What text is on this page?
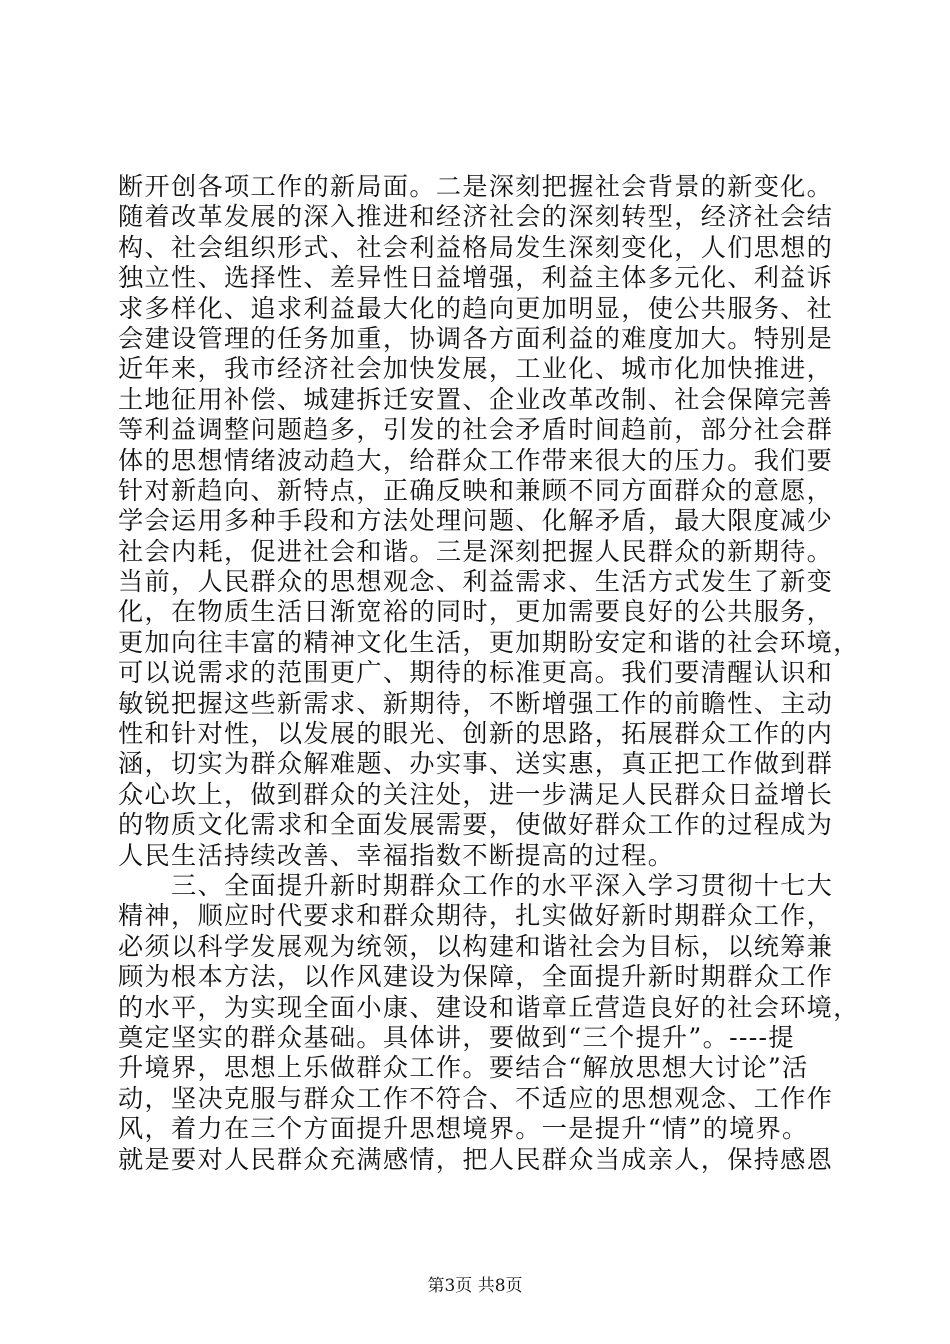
断开创各项工作的新局面。二是深刻把握社会背景的新变化。
随着改革发展的深入推进和经济社会的深刻转型，经济社会结
构、社会组织形式、社会利益格局发生深刻变化，人们思想的
独立性、选择性、差异性日益增强，利益主体多元化、利益诉
求多样化、追求利益最大化的趋向更加明显，使公共服务、社
会建设管理的任务加重，协调各方面利益的难度加大。特别是
近年来，我市经济社会加快发展，工业化、城市化加快推进，
土地征用补偿、城建拆迁安置、企业改革改制、社会保障完善
等利益调整问题趋多，引发的社会矛盾时间趋前，部分社会群
体的思想情绪波动趋大，给群众工作带来很大的压力。我们要
针对新趋向、新特点，正确反映和兼顾不同方面群众的意愿，
学会运用多种手段和方法处理问题、化解矛盾，最大限度减少
社会内耗，促进社会和谐。三是深刻把握人民群众的新期待。
当前，人民群众的思想观念、利益需求、生活方式发生了新变
化，在物质生活日渐宽裕的同时，更加需要良好的公共服务，
更加向往丰富的精神文化生活，更加期盼安定和谐的社会环境，
可以说需求的范围更广、期待的标准更高。我们要清醒认识和
敏锐把握这些新需求、新期待，不断增强工作的前瞻性、主动
性和针对性，以发展的眼光、创新的思路，拓展群众工作的内
涵，切实为群众解难题、办实事、送实惠，真正把工作做到群
众心坎上，做到群众的关注处，进一步满足人民群众日益增长
的物质文化需求和全面发展需要，使做好群众工作的过程成为
人民生活持续改善、幸福指数不断提高的过程。
　　三、全面提升新时期群众工作的水平深入学习贯彻十七大
精神，顺应时代要求和群众期待，扎实做好新时期群众工作，
必须以科学发展观为统领，以构建和谐社会为目标，以统筹兼
顾为根本方法，以作风建设为保障，全面提升新时期群众工作
的水平，为实现全面小康、建设和谐章丘营造良好的社会环境，
奠定坚实的群众基础。具体讲，要做到“三个提升”。----提
升境界，思想上乐做群众工作。要结合“解放思想大讨论”活
动，坚决克服与群众工作不符合、不适应的思想观念、工作作
风，着力在三个方面提升思想境界。一是提升“情”的境界。
就是要对人民群众充满感情，把人民群众当成亲人，保持感恩
第3页 共8页
